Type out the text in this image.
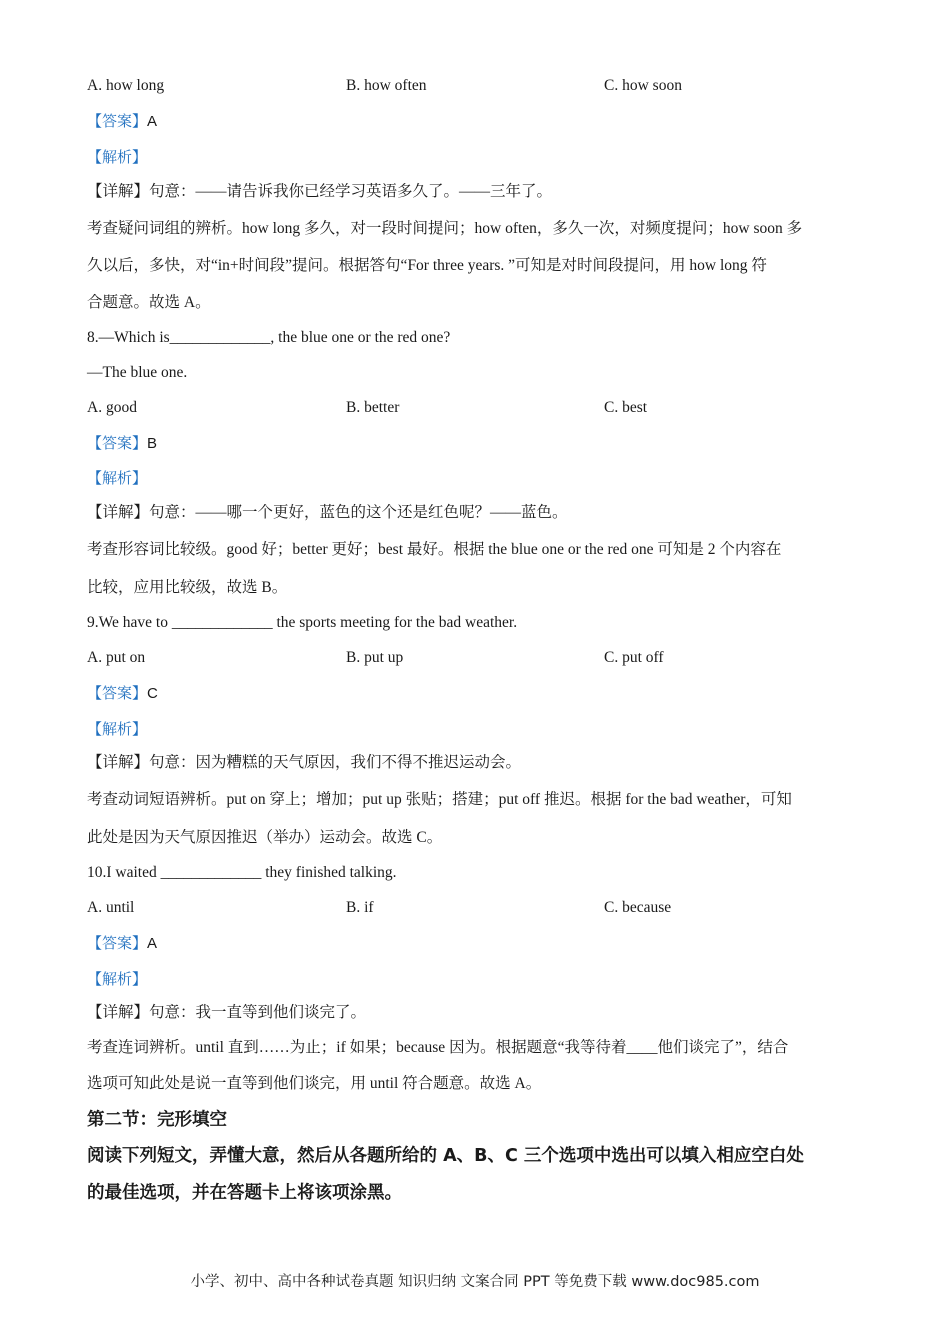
A. how long	B. how often	C. how soon
【答案】A
【解析】
【详解】句意：——请告诉我你已经学习英语多久了。——三年了。
考查疑问词组的辨析。how long 多久，对一段时间提问；how often，多久一次，对频度提问；how soon 多
久以后，多快，对“in+时间段”提问。根据答句“For three years. ”可知是对时间段提问，用 how long 符
合题意。故选 A。
8.—Which is_____________, the blue one or the red one?
—The blue one.
A. good	B. better	C. best
【答案】B
【解析】
【详解】句意：——哪一个更好，蓝色的这个还是红色呢？——蓝色。
考查形容词比较级。good 好；better 更好；best 最好。根据 the blue one or the red one 可知是 2 个内容在
比较，应用比较级，故选 B。
9.We have to _____________ the sports meeting for the bad weather.
A. put on	B. put up	C. put off
【答案】C
【解析】
【详解】句意：因为糟糕的天气原因，我们不得不推迟运动会。
考查动词短语辨析。put on 穿上；增加；put up 张贴；搭建；put off 推迟。根据 for the bad weather，可知
此处是因为天气原因推迟（举办）运动会。故选 C。
10.I waited _____________ they finished talking.
A. until	B. if	C. because
【答案】A
【解析】
【详解】句意：我一直等到他们谈完了。
考查连词辨析。until 直到……为止；if 如果；because 因为。根据题意“我等待着____他们谈完了”，结合
选项可知此处是说一直等到他们谈完，用 until 符合题意。故选 A。
第二节：完形填空
阅读下列短文，弄懂大意，然后从各题所给的 A、B、C 三个选项中选出可以填入相应空白处
的最佳选项，并在答题卡上将该项涂黑。
小学、初中、高中各种试卷真题 知识归纳 文案合同 PPT 等免费下载 www.doc985.com
